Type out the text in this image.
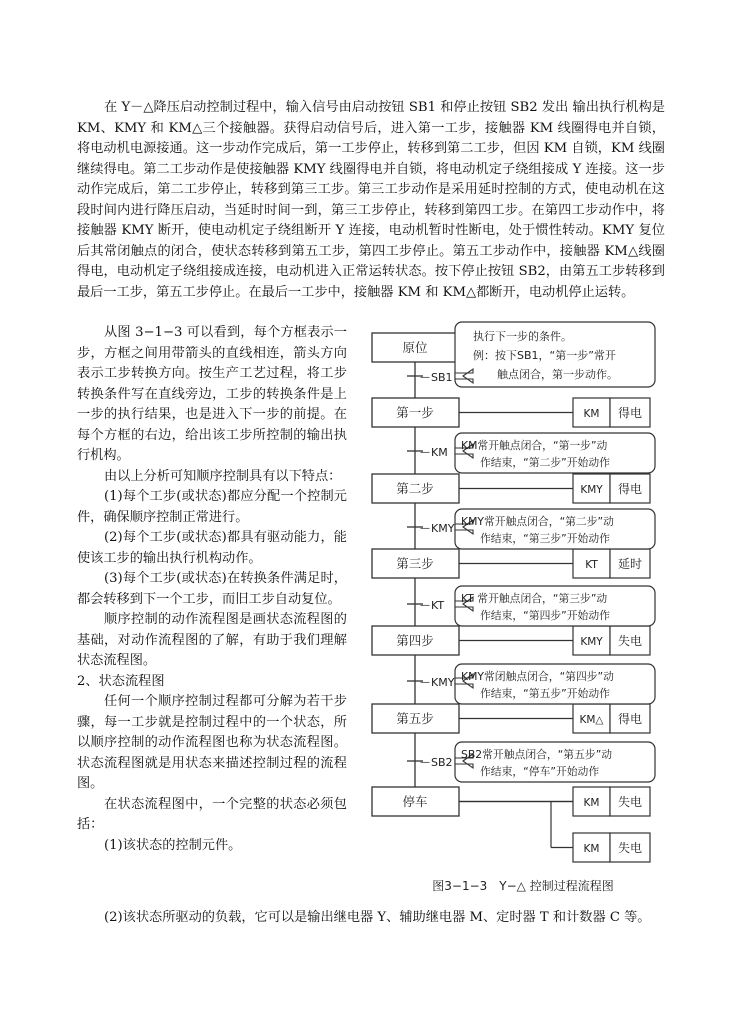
在 Y－△降压启动控制过程中，输入信号由启动按钮 SB1 和停止按钮 SB2 发出 输出执行机构是 KM、KMY 和 KM△三个接触器。获得启动信号后，进入第一工步，接触器 KM 线圈得电并自锁，将电动机电源接通。这一步动作完成后，第一工步停止，转移到第二工步，但因 KM 自锁，KM 线圈继续得电。第二工步动作是使接触器 KMY 线圈得电并自锁，将电动机定子绕组接成 Y 连接。这一步动作完成后，第二工步停止，转移到第三工步。第三工步动作是采用延时控制的方式，使电动机在这段时间内进行降压启动，当延时时间一到，第三工步停止，转移到第四工步。在第四工步动作中，将接触器 KMY 断开，使电动机定子绕组断开 Y 连接，电动机暂时性断电，处于惯性转动。KMY 复位后其常闭触点的闭合，使状态转移到第五工步，第四工步停止。第五工步动作中，接触器 KM△线圈得电，电动机定子绕组接成连接，电动机进入正常运转状态。按下停止按钮 SB2，由第五工步转移到最后一工步，第五工步停止。在最后一工步中，接触器 KM 和 KM△都断开，电动机停止运转。

从图 3−1−3 可以看到，每个方框表示一步，方框之间用带箭头的直线相连，箭头方向表示工步转换方向。按生产工艺过程，将工步转换条件写在直线旁边，工步的转换条件是上一步的执行结果，也是进入下一步的前提。在每个方框的右边，给出该工步所控制的输出执行机构。

由以上分析可知顺序控制具有以下特点：

(1)每个工步(或状态)都应分配一个控制元件，确保顺序控制正常进行。

(2)每个工步(或状态)都具有驱动能力，能使该工步的输出执行机构动作。

(3)每个工步(或状态)在转换条件满足时，都会转移到下一个工步，而旧工步自动复位。

顺序控制的动作流程图是画状态流程图的基础，对动作流程图的了解，有助于我们理解状态流程图。

2、状态流程图

任何一个顺序控制过程都可分解为若干步骤，每一工步就是控制过程中的一个状态，所以顺序控制的动作流程图也称为状态流程图。状态流程图就是用状态来描述控制过程的流程图。

在状态流程图中，一个完整的状态必须包括：

(1)该状态的控制元件。

(2)该状态所驱动的负载，它可以是输出继电器 Y、辅助继电器 M、定时器 T 和计数器 C 等。
原位
第一步
第二步
第三步
第四步
第五步
停车
KM 得电
KMY 得电
KT 延时
KMY 失电
KM△ 得电
KM 失电
KM 失电
— SB1
执行下一步的条件。
例：按下SB1，“第一步”常开
触点闭合，第一步动作。
— KM
KM常开触点闭合，“第一步”动
作结束，“第二步”开始动作
— KMY
KMY常开触点闭合，“第二步”动
作结束，“第三步”开始动作
— KT
KT 常开触点闭合，“第三步”动
作结束，“第四步”开始动作
— KMY KMY常闭触点闭合，“第四步”动
作结束，“第五步”开始动作
— SB2
SB2常开触点闭合，“第五步”动
作结束，“停车”开始动作
图3−1−3　Y−△ 控制过程流程图
